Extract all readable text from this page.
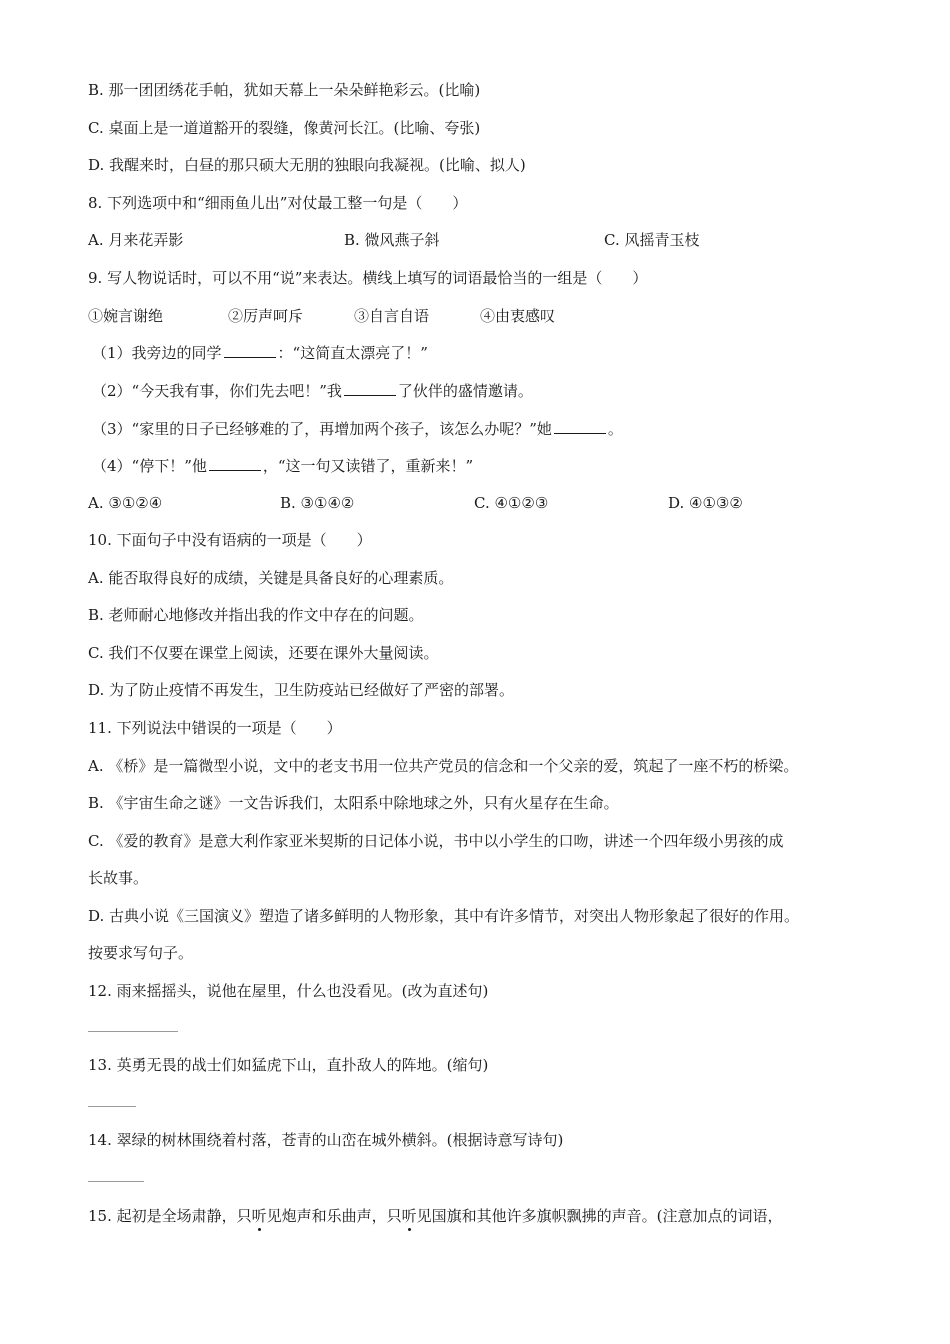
B. 那一团团绣花手帕，犹如天幕上一朵朵鲜艳彩云。(比喻)
C. 桌面上是一道道豁开的裂缝，像黄河长江。(比喻、夸张)
D. 我醒来时，白昼的那只硕大无朋的独眼向我凝视。(比喻、拟人)
8. 下列选项中和“细雨鱼儿出”对仗最工整一句是（　　）
A. 月来花弄影	B. 微风燕子斜	C. 风摇青玉枝
9. 写人物说话时，可以不用“说”来表达。横线上填写的词语最恰当的一组是（　　）
①婉言谢绝	②厉声呵斥	③自言自语	④由衷感叹
（1）我旁边的同学	：“这简直太漂亮了！”
（2）“今天我有事，你们先去吧！”我	了伙伴的盛情邀请。
（3）“家里的日子已经够难的了，再增加两个孩子，该怎么办呢？”她	。
（4）“停下！”他	，“这一句又读错了，重新来！”
A. ③①②④	B. ③①④②	C. ④①②③	D. ④①③②
10. 下面句子中没有语病的一项是（　　）
A. 能否取得良好的成绩，关键是具备良好的心理素质。
B. 老师耐心地修改并指出我的作文中存在的问题。
C. 我们不仅要在课堂上阅读，还要在课外大量阅读。
D. 为了防止疫情不再发生，卫生防疫站已经做好了严密的部署。
11. 下列说法中错误的一项是（　　）
A. 《桥》是一篇微型小说，文中的老支书用一位共产党员的信念和一个父亲的爱，筑起了一座不朽的桥梁。
B. 《宇宙生命之谜》一文告诉我们，太阳系中除地球之外，只有火星存在生命。
C. 《爱的教育》是意大利作家亚米契斯的日记体小说，书中以小学生的口吻，讲述一个四年级小男孩的成
长故事。
D. 古典小说《三国演义》塑造了诸多鲜明的人物形象，其中有许多情节，对突出人物形象起了很好的作用。
按要求写句子。
12. 雨来摇摇头，说他在屋里，什么也没看见。(改为直述句)
13. 英勇无畏的战士们如猛虎下山，直扑敌人的阵地。(缩句)
14. 翠绿的树林围绕着村落，苍青的山峦在城外横斜。(根据诗意写诗句)
15. 起初是全场肃静，只听见炮声和乐曲声，只听见国旗和其他许多旗帜飘拂的声音。(注意加点的词语，
